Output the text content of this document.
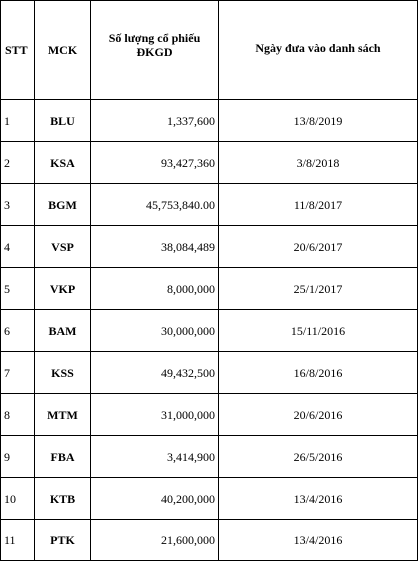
STT	MCK	Số lượng cổ phiếu ĐKGD	Ngày đưa vào danh sách
1	BLU	1,337,600	13/8/2019
2	KSA	93,427,360	3/8/2018
3	BGM	45,753,840.00	11/8/2017
4	VSP	38,084,489	20/6/2017
5	VKP	8,000,000	25/1/2017
6	BAM	30,000,000	15/11/2016
7	KSS	49,432,500	16/8/2016
8	MTM	31,000,000	20/6/2016
9	FBA	3,414,900	26/5/2016
10	KTB	40,200,000	13/4/2016
11	PTK	21,600,000	13/4/2016
